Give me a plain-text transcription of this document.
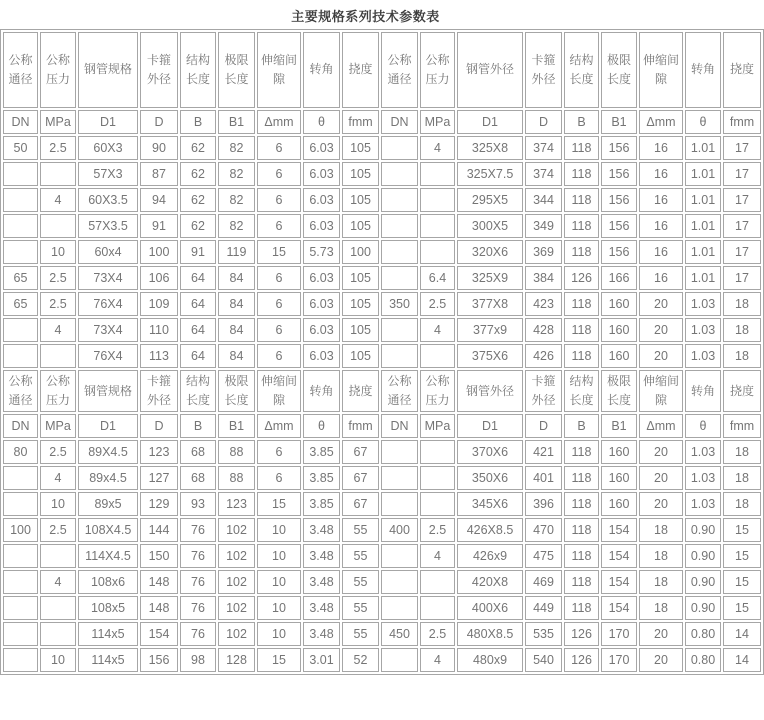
主要规格系列技术参数表
公称通径	公称压力	钢管规格	卡箍外径	结构长度	极限长度	伸缩间隙	转角	挠度	公称通径	公称压力	钢管外径	卡箍外径	结构长度	极限长度	伸缩间隙	转角	挠度
DN	MPa	D1	D	B	B1	Δmm	θ	fmm	DN	MPa	D1	D	B	B1	Δmm	θ	fmm
50	2.5	60X3	90	62	82	6	6.03	105		4	325X8	374	118	156	16	1.01	17
		57X3	87	62	82	6	6.03	105			325X7.5	374	118	156	16	1.01	17
	4	60X3.5	94	62	82	6	6.03	105			295X5	344	118	156	16	1.01	17
		57X3.5	91	62	82	6	6.03	105			300X5	349	118	156	16	1.01	17
	10	60x4	100	91	119	15	5.73	100			320X6	369	118	156	16	1.01	17
65	2.5	73X4	106	64	84	6	6.03	105		6.4	325X9	384	126	166	16	1.01	17
65	2.5	76X4	109	64	84	6	6.03	105	350	2.5	377X8	423	118	160	20	1.03	18
	4	73X4	110	64	84	6	6.03	105		4	377x9	428	118	160	20	1.03	18
		76X4	113	64	84	6	6.03	105			375X6	426	118	160	20	1.03	18
公称通径	公称压力	钢管规格	卡箍外径	结构长度	极限长度	伸缩间隙	转角	挠度	公称通径	公称压力	钢管外径	卡箍外径	结构长度	极限长度	伸缩间隙	转角	挠度
DN	MPa	D1	D	B	B1	Δmm	θ	fmm	DN	MPa	D1	D	B	B1	Δmm	θ	fmm
80	2.5	89X4.5	123	68	88	6	3.85	67			370X6	421	118	160	20	1.03	18
	4	89x4.5	127	68	88	6	3.85	67			350X6	401	118	160	20	1.03	18
	10	89x5	129	93	123	15	3.85	67			345X6	396	118	160	20	1.03	18
100	2.5	108X4.5	144	76	102	10	3.48	55	400	2.5	426X8.5	470	118	154	18	0.90	15
		114X4.5	150	76	102	10	3.48	55		4	426x9	475	118	154	18	0.90	15
	4	108x6	148	76	102	10	3.48	55			420X8	469	118	154	18	0.90	15
		108x5	148	76	102	10	3.48	55			400X6	449	118	154	18	0.90	15
		114x5	154	76	102	10	3.48	55	450	2.5	480X8.5	535	126	170	20	0.80	14
	10	114x5	156	98	128	15	3.01	52		4	480x9	540	126	170	20	0.80	14
